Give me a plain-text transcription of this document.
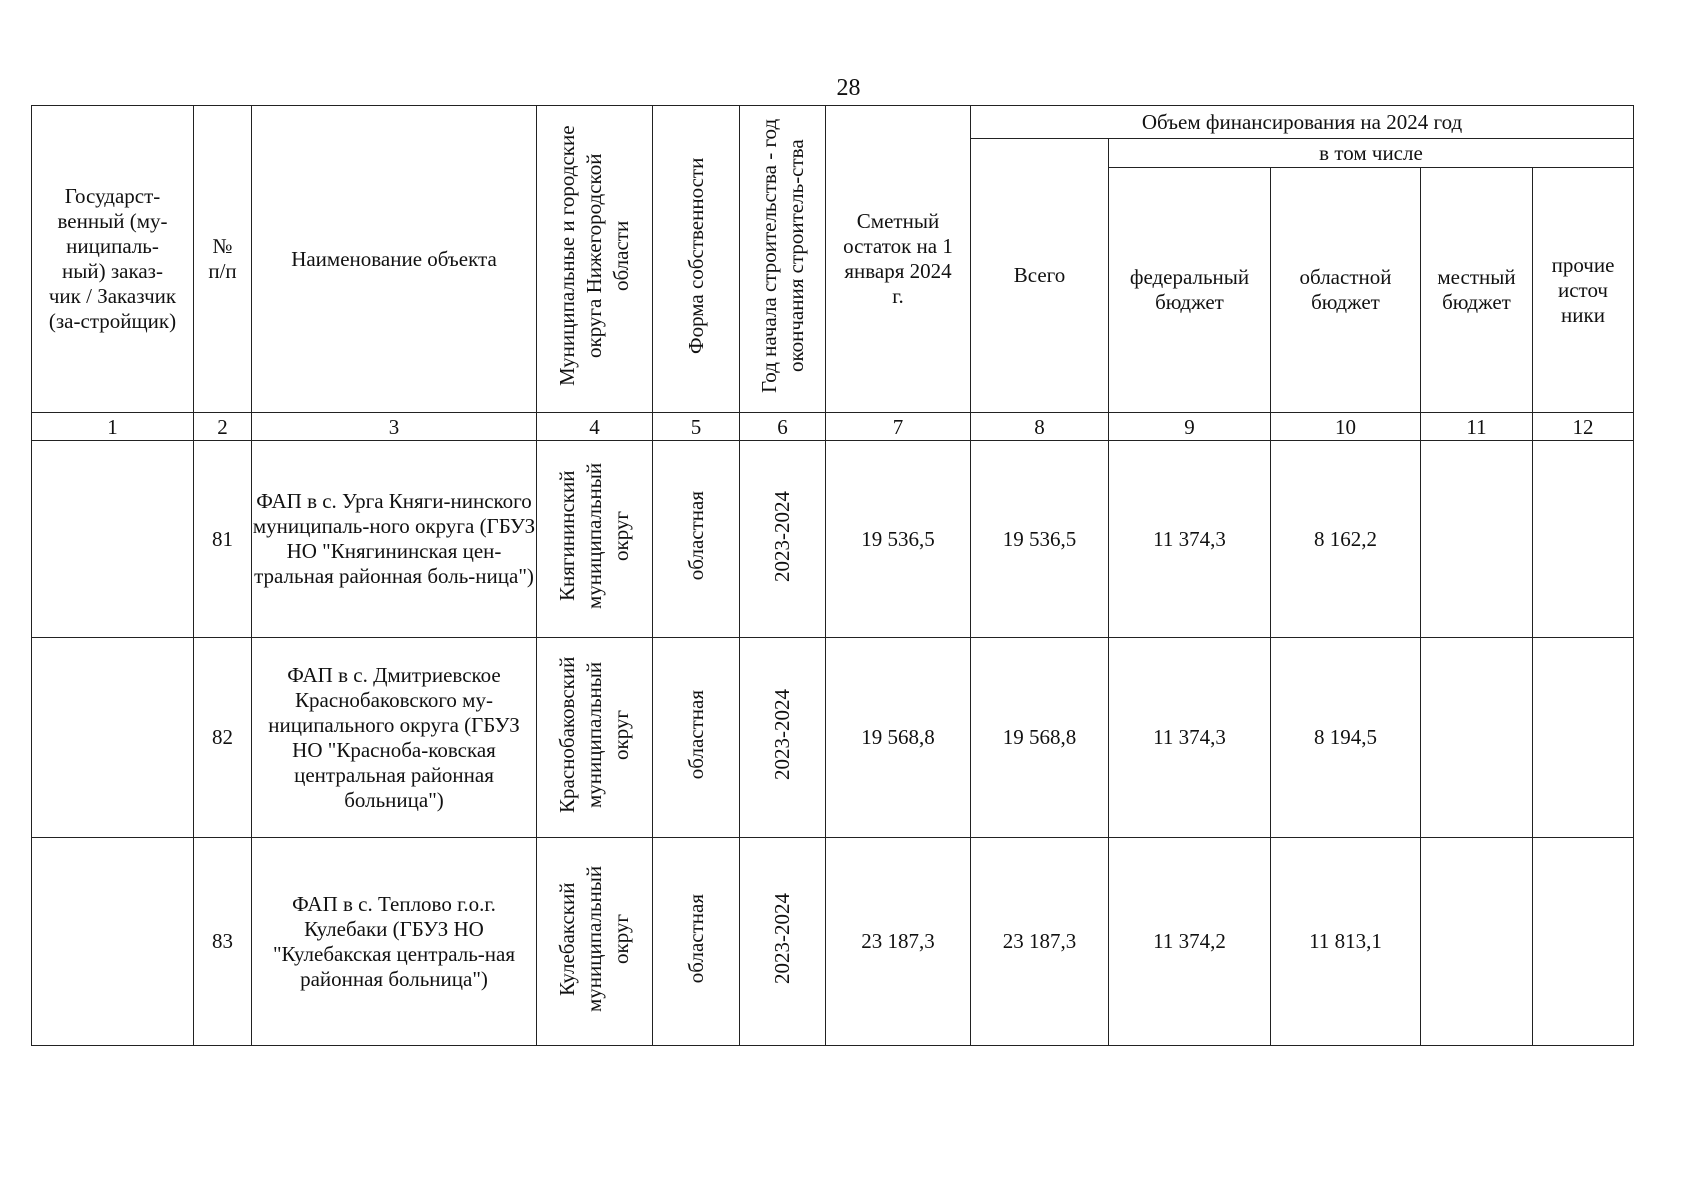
28
Государст-венный (му-ниципаль-ный) заказ-чик / Заказчик (за-стройщик)	№ п/п	Наименование объекта	Муниципальные и городские округа Нижегородской области	Форма собственности	Год начала строительства - год окончания строитель-ства	Сметный остаток на 1 января 2024 г.	Объем финансирования на 2024 год				
							Всего	в том числе			

								федеральный бюджет	областной бюджет	местный бюджет	прочие источ ники

1	2	3	4	5	6	7	8	9	10	11	12
	81	ФАП в с. Урга Княги-нинского муниципаль-ного округа (ГБУЗ НО "Княгининская цен-тральная районная боль-ница")	Княгининский муниципальный округ	областная	2023-2024	19 536,5	19 536,5	11 374,3	8 162,2		
	82	ФАП в с. Дмитриевское Краснобаковского му-ниципального округа (ГБУЗ НО "Красноба-ковская центральная районная больница")	Краснобаковский муниципальный округ	областная	2023-2024	19 568,8	19 568,8	11 374,3	8 194,5		
	83	ФАП в с. Теплово г.о.г. Кулебаки (ГБУЗ НО "Кулебакская централь-ная районная больница")	Кулебакский муниципальный округ	областная	2023-2024	23 187,3	23 187,3	11 374,2	11 813,1		
